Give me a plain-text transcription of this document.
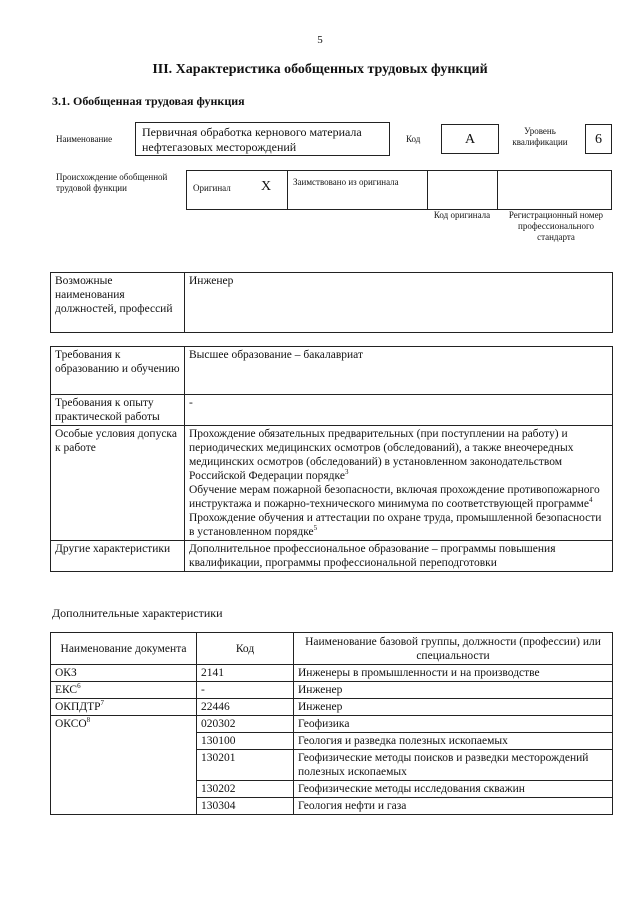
5
III. Характеристика обобщенных трудовых функций
3.1. Обобщенная трудовая функция
Наименование	Первичная обработка кернового материала нефтегазовых месторождений
Код	A
Уровень квалификации	6
Происхождение обобщенной трудовой функции	Оригинал X Заимствовано из оригинала
Код оригинала	Регистрационный номер профессионального стандарта
Возможные наименования должностей, профессий	Инженер
Требования к образованию и обучению	Высшее образование – бакалавриат
Требования к опыту практической работы	-
Особые условия допуска к работе	Прохождение обязательных предварительных (при поступлении на работу) и периодических медицинских осмотров (обследований), а также внеочередных медицинских осмотров (обследований) в установленном законодательством Российской Федерации порядке$^3$
Обучение мерам пожарной безопасности, включая прохождение противопожарного инструктажа и пожарно-технического минимума по соответствующей программе$^4$
Прохождение обучения и аттестации по охране труда, промышленной безопасности в установленном порядке$^5$
Другие характеристики	Дополнительное профессиональное образование – программы повышения квалификации, программы профессиональной переподготовки
Дополнительные характеристики
Наименование документа	Код	Наименование базовой группы, должности (профессии) или специальности
ОКЗ	2141	Инженеры в промышленности и на производстве
ЕКС$^6$	-	Инженер
ОКПДТР$^7$	22446	Инженер
ОКСО$^8$	020302	Геофизика
	130100	Геология и разведка полезных ископаемых
	130201	Геофизические методы поисков и разведки месторождений полезных ископаемых
	130202	Геофизические методы исследования скважин
	130304	Геология нефти и газа
